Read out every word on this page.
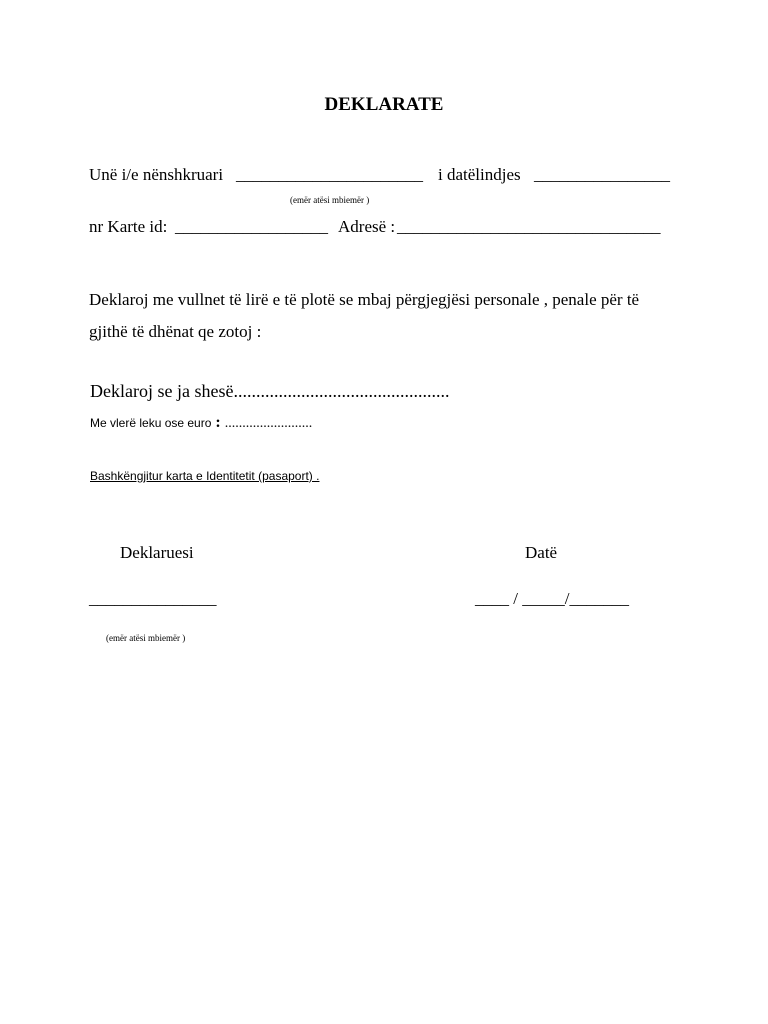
DEKLARATE
Unë i/e nënshkruari ______________________ i datëlindjes ________________
(emër atësi mbiemër )
nr Karte id: __________________ Adresë : _______________________________
Deklaroj me vullnet të lirë e të plotë se mbaj përgjegjësi personale , penale për të
gjithë të dhënat qe zotoj :
Deklaroj se ja shesë................................................
Me vlerë leku ose euro : .........................
Bashkëngjitur karta e Identitetit (pasaport) .
Deklaruesi	Datë
_______________	____ / _____/_______
(emër atësi mbiemër )
